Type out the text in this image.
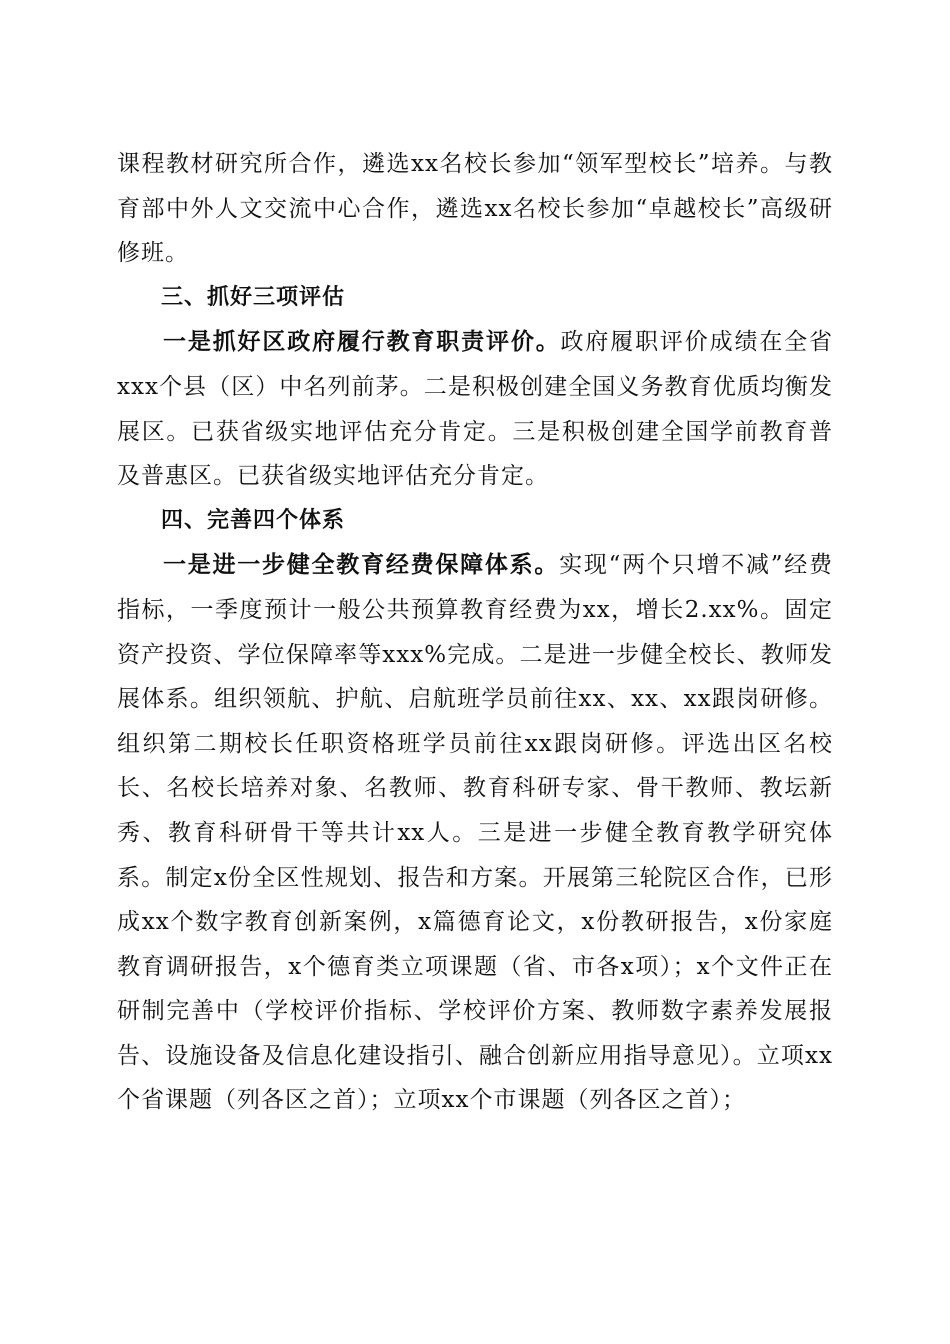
课程教材研究所合作，遴选xx名校长参加“领军型校长”培养。与教育部中外人文交流中心合作，遴选xx名校长参加“卓越校长”高级研修班。

三、抓好三项评估

一是抓好区政府履行教育职责评价。政府履职评价成绩在全省xxx个县（区）中名列前茅。二是积极创建全国义务教育优质均衡发展区。已获省级实地评估充分肯定。三是积极创建全国学前教育普及普惠区。已获省级实地评估充分肯定。

四、完善四个体系

一是进一步健全教育经费保障体系。实现“两个只增不减”经费指标，一季度预计一般公共预算教育经费为xx，增长2.xx%。固定资产投资、学位保障率等xxx%完成。二是进一步健全校长、教师发展体系。组织领航、护航、启航班学员前往xx、xx、xx跟岗研修。组织第二期校长任职资格班学员前往xx跟岗研修。评选出区名校长、名校长培养对象、名教师、教育科研专家、骨干教师、教坛新秀、教育科研骨干等共计xx人。三是进一步健全教育教学研究体系。制定x份全区性规划、报告和方案。开展第三轮院区合作，已形成xx个数字教育创新案例，x篇德育论文，x份教研报告，x份家庭教育调研报告，x个德育类立项课题（省、市各x项）；x个文件正在研制完善中（学校评价指标、学校评价方案、教师数字素养发展报告、设施设备及信息化建设指引、融合创新应用指导意见）。立项xx个省课题（列各区之首）；立项xx个市课题（列各区之首）；
